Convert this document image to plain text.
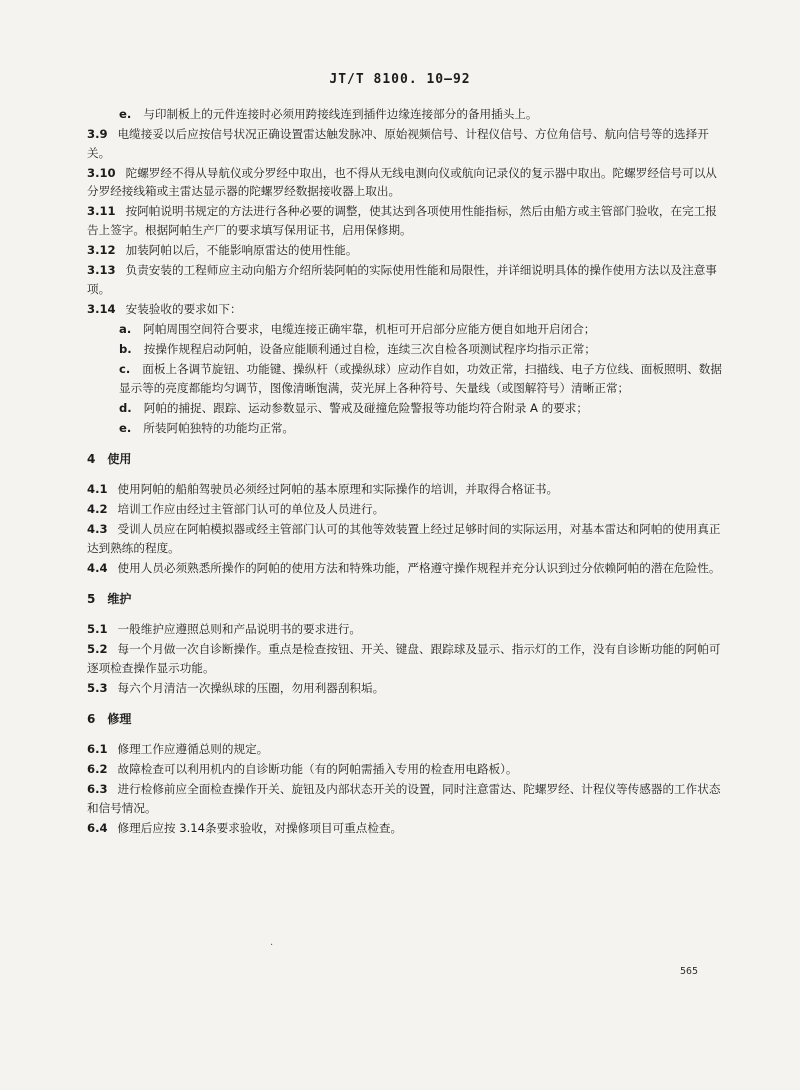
JT/T 8100. 10—92

e. 与印制板上的元件连接时必须用跨接线连到插件边缘连接部分的备用插头上。

3.9 电缆接妥以后应按信号状况正确设置雷达触发脉冲、原始视频信号、计程仪信号、方位角信号、航向信号等的选择开关。

3.10 陀螺罗经不得从导航仪或分罗经中取出，也不得从无线电测向仪或航向记录仪的复示器中取出。陀螺罗经信号可以从分罗经接线箱或主雷达显示器的陀螺罗经数据接收器上取出。

3.11 按阿帕说明书规定的方法进行各种必要的调整，使其达到各项使用性能指标，然后由船方或主管部门验收，在完工报告上签字。根据阿帕生产厂的要求填写保用证书，启用保修期。

3.12 加装阿帕以后，不能影响原雷达的使用性能。

3.13 负责安装的工程师应主动向船方介绍所装阿帕的实际使用性能和局限性，并详细说明具体的操作使用方法以及注意事项。

3.14 安装验收的要求如下：

a. 阿帕周围空间符合要求，电缆连接正确牢靠，机柜可开启部分应能方便自如地开启闭合；

b. 按操作规程启动阿帕，设备应能顺利通过自检，连续三次自检各项测试程序均指示正常；

c. 面板上各调节旋钮、功能键、操纵杆（或操纵球）应动作自如，功效正常，扫描线、电子方位线、面板照明、数据显示等的亮度都能均匀调节，图像清晰饱满，荧光屏上各种符号、矢量线（或图解符号）清晰正常；

d. 阿帕的捕捉、跟踪、运动参数显示、警戒及碰撞危险警报等功能均符合附录 A 的要求；

e. 所装阿帕独特的功能均正常。

4 使用

4.1 使用阿帕的船舶驾驶员必须经过阿帕的基本原理和实际操作的培训，并取得合格证书。

4.2 培训工作应由经过主管部门认可的单位及人员进行。

4.3 受训人员应在阿帕模拟器或经主管部门认可的其他等效装置上经过足够时间的实际运用，对基本雷达和阿帕的使用真正达到熟练的程度。

4.4 使用人员必须熟悉所操作的阿帕的使用方法和特殊功能，严格遵守操作规程并充分认识到过分依赖阿帕的潜在危险性。

5 维护

5.1 一般维护应遵照总则和产品说明书的要求进行。

5.2 每一个月做一次自诊断操作。重点是检查按钮、开关、键盘、跟踪球及显示、指示灯的工作，没有自诊断功能的阿帕可逐项检查操作显示功能。

5.3 每六个月清洁一次操纵球的压圈，勿用利器刮积垢。

6 修理

6.1 修理工作应遵循总则的规定。

6.2 故障检查可以利用机内的自诊断功能（有的阿帕需插入专用的检查用电路板）。

6.3 进行检修前应全面检查操作开关、旋钮及内部状态开关的设置，同时注意雷达、陀螺罗经、计程仪等传感器的工作状态和信号情况。

6.4 修理后应按 3.14条要求验收，对操修项目可重点检查。

·
565
